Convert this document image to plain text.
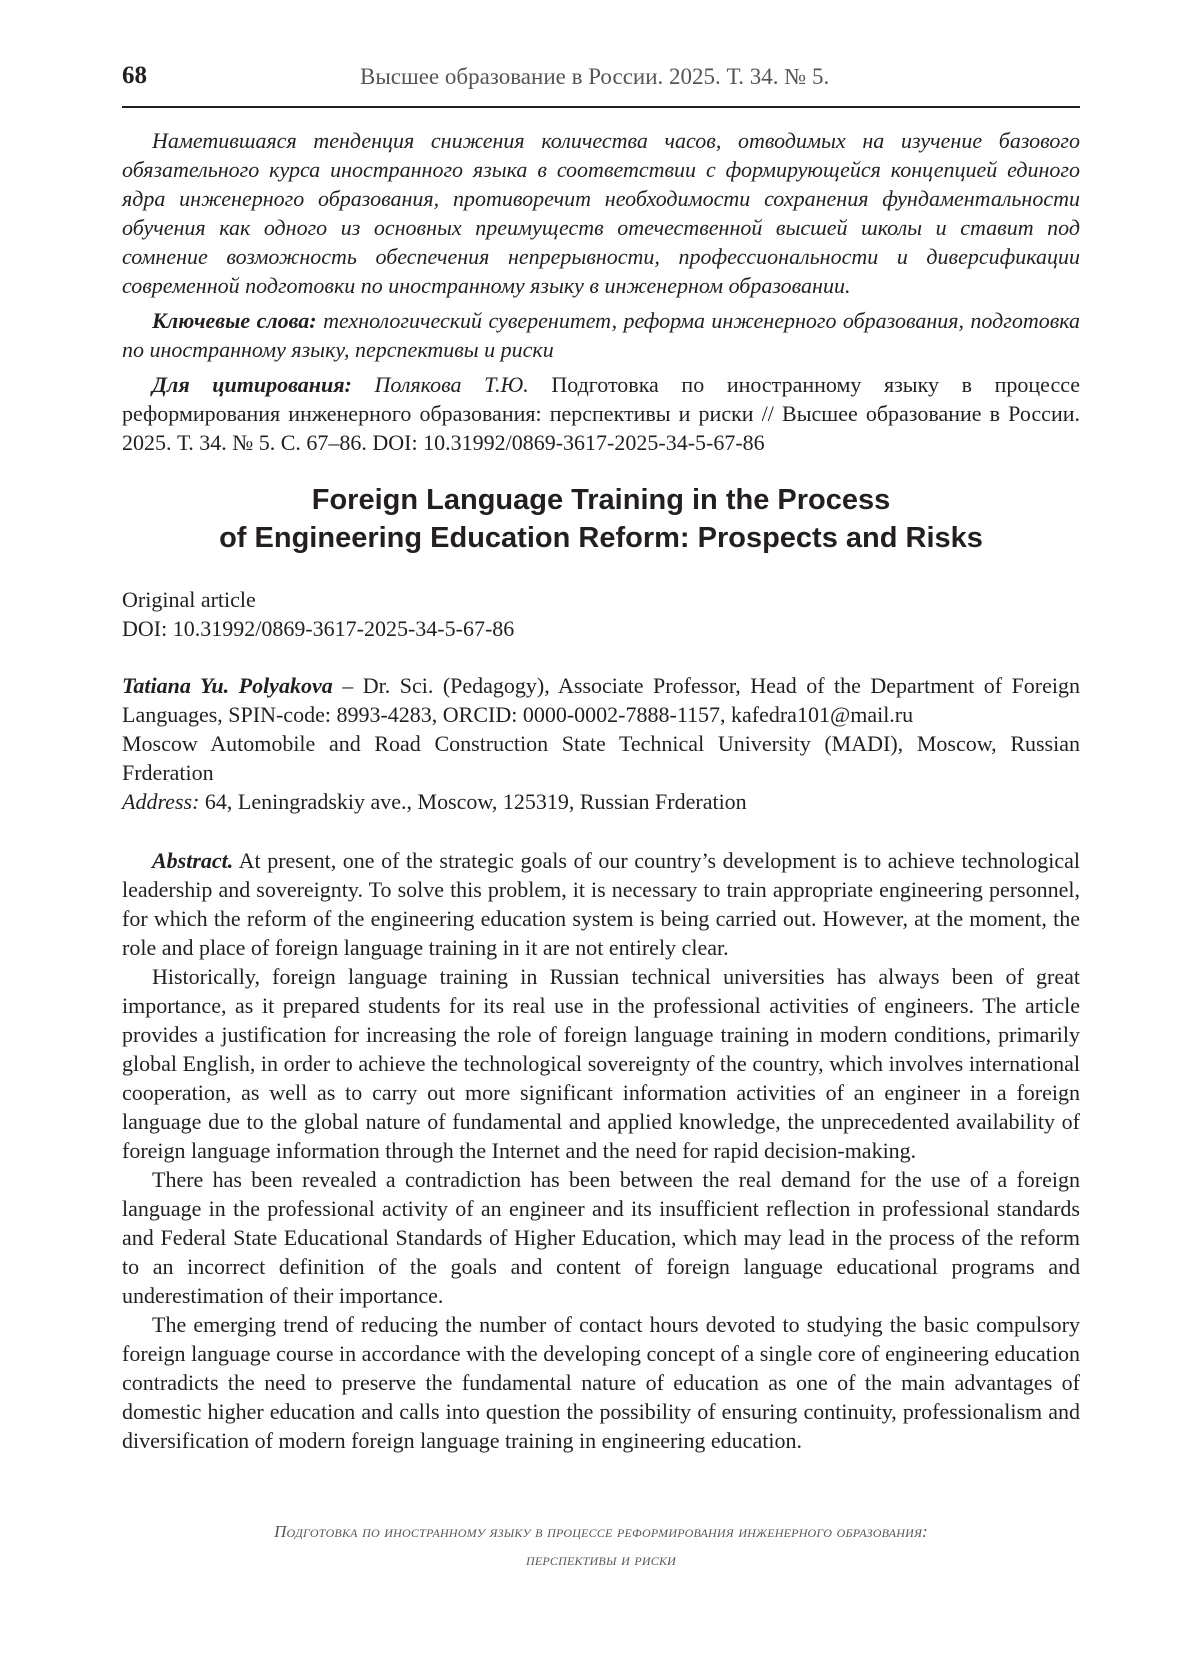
68	Высшее образование в России. 2025. Т. 34. № 5.

Наметившаяся тенденция снижения количества часов, отводимых на изучение базового обязательного курса иностранного языка в соответствии с формирующейся концепцией единого ядра инженерного образования, противоречит необходимости сохранения фундаментальности обучения как одного из основных преимуществ отечественной высшей школы и ставит под сомнение возможность обеспечения непрерывности, профессиональности и диверсификации современной подготовки по иностранному языку в инженерном образовании.

Ключевые слова: технологический суверенитет, реформа инженерного образования, подготовка по иностранному языку, перспективы и риски

Для цитирования: Полякова Т.Ю. Подготовка по иностранному языку в процессе реформирования инженерного образования: перспективы и риски // Высшее образование в России. 2025. Т. 34. № 5. С. 67–86. DOI: 10.31992/0869-3617-2025-34-5-67-86

Foreign Language Training in the Process
of Engineering Education Reform: Prospects and Risks
Original article
DOI: 10.31992/0869-3617-2025-34-5-67-86

Tatiana Yu. Polyakova – Dr. Sci. (Pedagogy), Associate Professor, Head of the Department of Foreign Languages, SPIN-code: 8993-4283, ORCID: 0000-0002-7888-1157, kafedra101@mail.ru

Moscow Automobile and Road Construction State Technical University (MADI), Moscow, Russian Frderation

Address: 64, Leningradskiy ave., Moscow, 125319, Russian Frderation

Abstract. At present, one of the strategic goals of our country’s development is to achieve technological leadership and sovereignty. To solve this problem, it is necessary to train appropriate engineering personnel, for which the reform of the engineering education system is being carried out. However, at the moment, the role and place of foreign language training in it are not entirely clear.

Historically, foreign language training in Russian technical universities has always been of great importance, as it prepared students for its real use in the professional activities of engineers. The article provides a justification for increasing the role of foreign language training in modern conditions, primarily global English, in order to achieve the technological sovereignty of the country, which involves international cooperation, as well as to carry out more significant information activities of an engineer in a foreign language due to the global nature of fundamental and applied knowledge, the unprecedented availability of foreign language information through the Internet and the need for rapid decision-making.

There has been revealed a contradiction has been between the real demand for the use of a foreign language in the professional activity of an engineer and its insufficient reflection in professional standards and Federal State Educational Standards of Higher Education, which may lead in the process of the reform to an incorrect definition of the goals and content of foreign language educational programs and underestimation of their importance.

The emerging trend of reducing the number of contact hours devoted to studying the basic compulsory foreign language course in accordance with the developing concept of a single core of engineering education contradicts the need to preserve the fundamental nature of education as one of the main advantages of domestic higher education and calls into question the possibility of ensuring continuity, professionalism and diversification of modern foreign language training in engineering education.

Подготовка по иностранному языку в процессе реформирования инженерного образования:
перспективы и риски
